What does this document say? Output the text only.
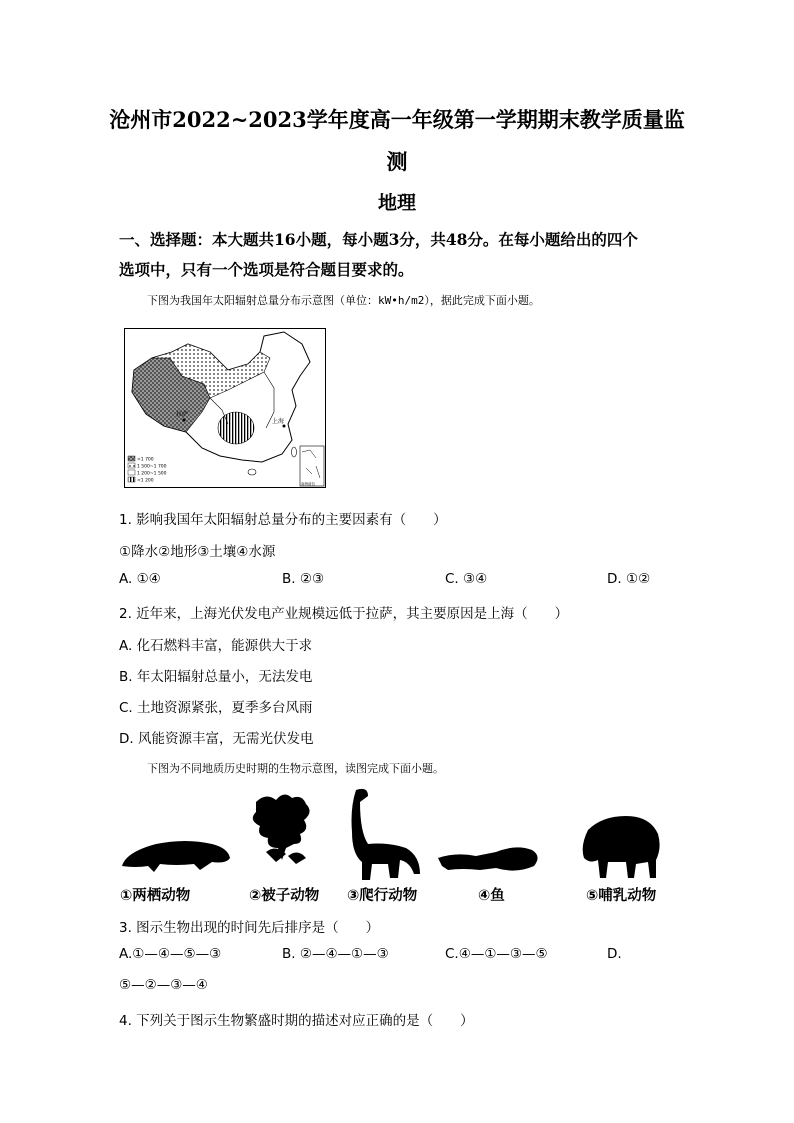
沧州市2022~2023学年度高一年级第一学期期末教学质量监
测
地理
一、选择题：本大题共16小题，每小题3分，共48分。在每小题给出的四个
选项中，只有一个选项是符合题目要求的。
下图为我国年太阳辐射总量分布示意图（单位：kW•h/m2），据此完成下面小题。
拉萨
上海
南海诸岛
>1 700
1 500~1 700
1 200~1 500
<1 200
1. 影响我国年太阳辐射总量分布的主要因素有（　　）
①降水②地形③土壤④水源
A. ①④	B. ②③	C. ③④	D. ①②
2. 近年来，上海光伏发电产业规模远低于拉萨，其主要原因是上海（　　）
A. 化石燃料丰富，能源供大于求
B. 年太阳辐射总量小，无法发电
C. 土地资源紧张，夏季多台风雨
D. 风能资源丰富，无需光伏发电
下图为不同地质历史时期的生物示意图，读图完成下面小题。
①两栖动物	②被子动物 ③爬行动物	④鱼	⑤哺乳动物
3. 图示生物出现的时间先后排序是（　　）
A.①—④—⑤—③	B. ②—④—①—③	C.④—①—③—⑤	D.
⑤—②—③—④
4. 下列关于图示生物繁盛时期的描述对应正确的是（　　）
